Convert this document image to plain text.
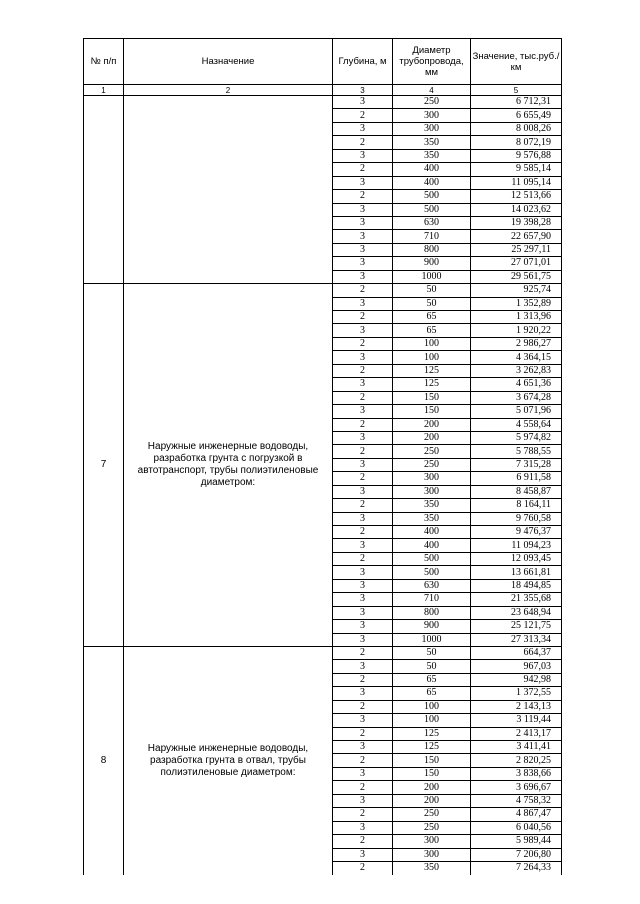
№ п/п	Назначение	Глубина, м	Диаметр трубопровода, мм	Значение, тыс.руб./км
1	2	3	4	5
		3	250	6 712,31
		2	300	6 655,49
		3	300	8 008,26
		2	350	8 072,19
		3	350	9 576,88
		2	400	9 585,14
		3	400	11 095,14
		2	500	12 513,66
		3	500	14 023,62
		3	630	19 398,28
		3	710	22 657,90
		3	800	25 297,11
		3	900	27 071,01
		3	1000	29 561,75
7	Наружные инженерные водоводы, разработка грунта с погрузкой в автотранспорт, трубы полиэтиленовые диаметром:	2	50	925,74
		3	50	1 352,89
		2	65	1 313,96
		3	65	1 920,22
		2	100	2 986,27
		3	100	4 364,15
		2	125	3 262,83
		3	125	4 651,36
		2	150	3 674,28
		3	150	5 071,96
		2	200	4 558,64
		3	200	5 974,82
		2	250	5 788,55
		3	250	7 315,28
		2	300	6 911,58
		3	300	8 458,87
		2	350	8 164,11
		3	350	9 760,58
		2	400	9 476,37
		3	400	11 094,23
		2	500	12 093,45
		3	500	13 661,81
		3	630	18 494,85
		3	710	21 355,68
		3	800	23 648,94
		3	900	25 121,75
		3	1000	27 313,34
8	Наружные инженерные водоводы, разработка грунта в отвал, трубы полиэтиленовые диаметром:	2	50	664,37
		3	50	967,03
		2	65	942,98
		3	65	1 372,55
		2	100	2 143,13
		3	100	3 119,44
		2	125	2 413,17
		3	125	3 411,41
		2	150	2 820,25
		3	150	3 838,66
		2	200	3 696,67
		3	200	4 758,32
		2	250	4 867,47
		3	250	6 040,56
		2	300	5 989,44
		3	300	7 206,80
		2	350	7 264,33
